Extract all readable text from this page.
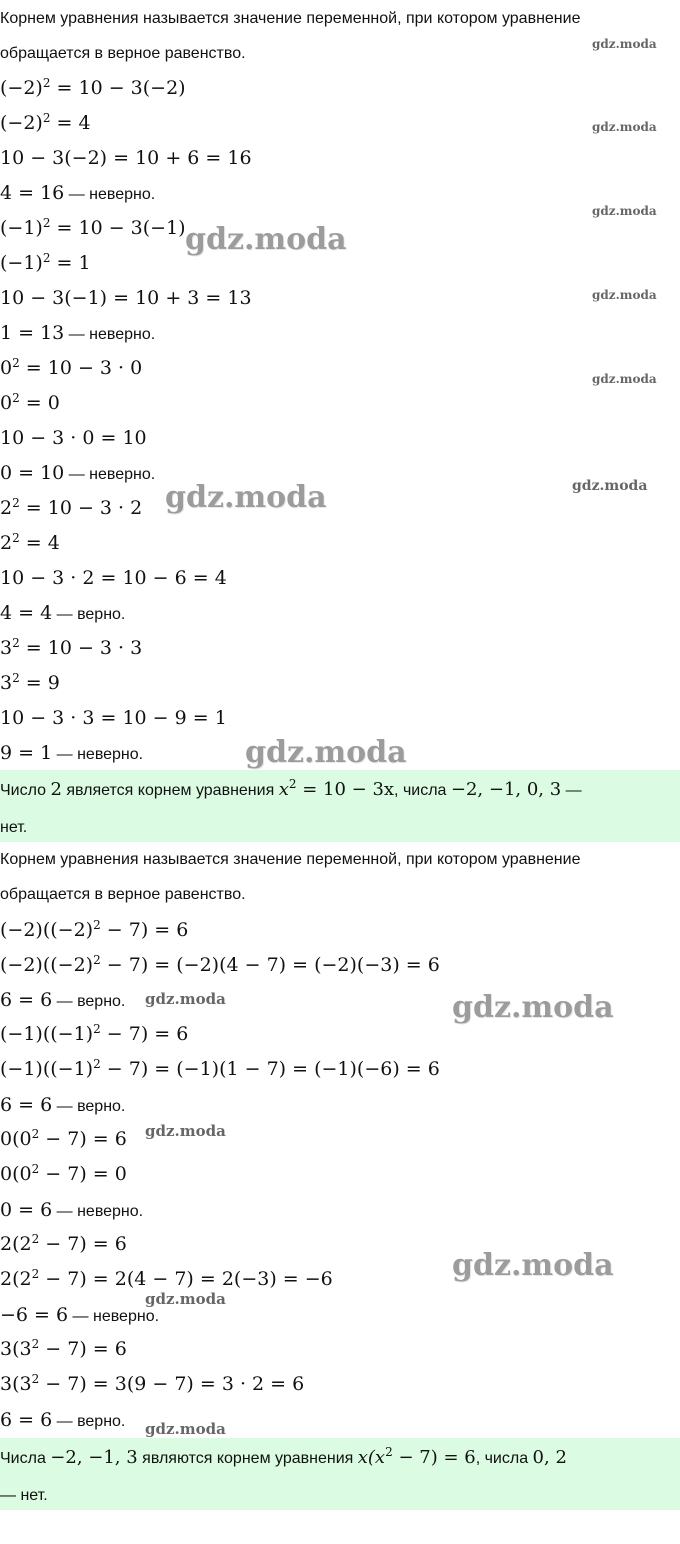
Корнем уравнения называется значение переменной, при котором уравнение
обращается в верное равенство.
$(-2)^2 = 10 - 3(-2)$
$(-2)^2 = 4$
10 − 3(−2) = 10 + 6 = 16
4 = 16 — неверно.
$(-1)^2 = 10 - 3(-1)$
$(-1)^2 = 1$
10 − 3(−1) = 10 + 3 = 13
1 = 13 — неверно.
$0^2 = 10 - 3 \cdot 0$
$0^2 = 0$
10 − 3 · 0 = 10
0 = 10 — неверно.
$2^2 = 10 - 3 \cdot 2$
$2^2 = 4$
10 − 3 · 2 = 10 − 6 = 4
4 = 4 — верно.
$3^2 = 10 - 3 \cdot 3$
$3^2 = 9$
10 − 3 · 3 = 10 − 9 = 1
9 = 1 — неверно.
Число 2 является корнем уравнения $x^2 = 10 - 3x$, числа −2, −1, 0, 3 —
нет.
Корнем уравнения называется значение переменной, при котором уравнение
обращается в верное равенство.
$(-2)((-2)^2 - 7) = 6$
$(-2)((-2)^2 - 7) = (-2)(4 - 7) = (-2)(-3) = 6$
6 = 6 — верно.
$(-1)((-1)^2 - 7) = 6$
$(-1)((-1)^2 - 7) = (-1)(1 - 7) = (-1)(-6) = 6$
6 = 6 — верно.
$0(0^2 - 7) = 6$
$0(0^2 - 7) = 0$
0 = 6 — неверно.
$2(2^2 - 7) = 6$
$2(2^2 - 7) = 2(4 - 7) = 2(-3) = -6$
−6 = 6 — неверно.
$3(3^2 - 7) = 6$
$3(3^2 - 7) = 3(9 - 7) = 3 \cdot 2 = 6$
6 = 6 — верно.
Числа −2, −1, 3 являются корнем уравнения $x(x^2 - 7) = 6$, числа 0, 2
— нет.
gdz.moda
gdz.moda
gdz.moda
gdz.moda
gdz.moda
gdz.moda
gdz.moda
gdz.moda
gdz.moda
gdz.moda	gdz.moda
gdz.moda
gdz.moda
gdz.moda
gdz.moda
